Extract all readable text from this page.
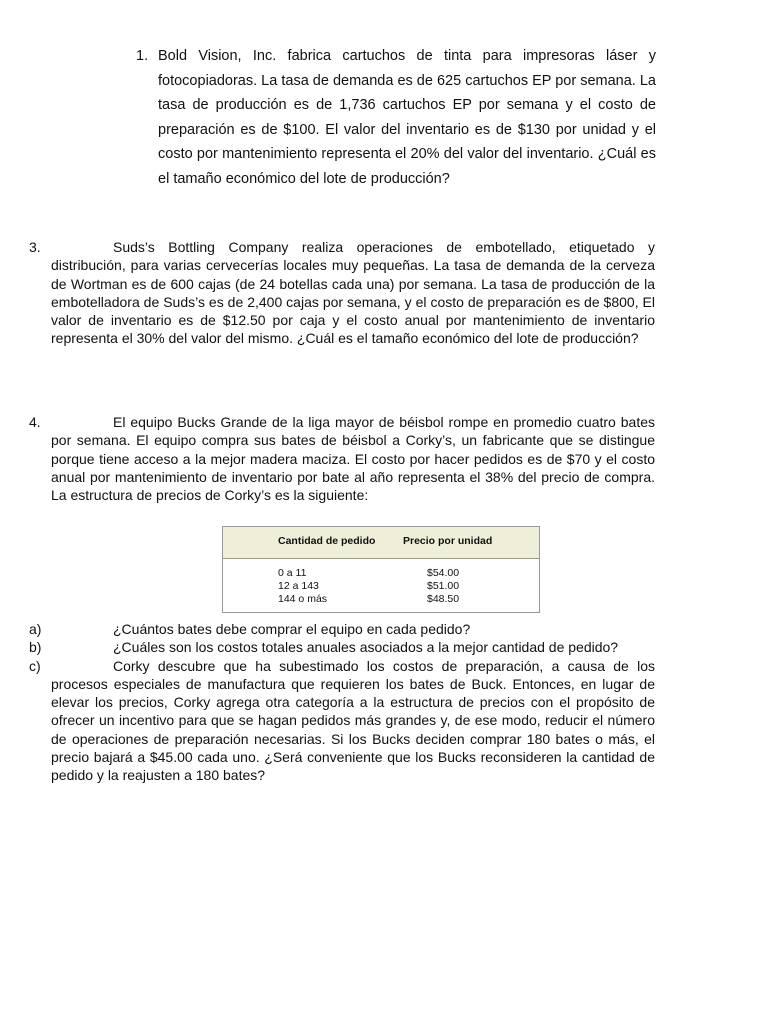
1. Bold Vision, Inc. fabrica cartuchos de tinta para impresoras láser y fotocopiadoras. La tasa de demanda es de 625 cartuchos EP por semana. La tasa de producción es de 1,736 cartuchos EP por semana y el costo de preparación es de $100. El valor del inventario es de $130 por unidad y el costo por mantenimiento representa el 20% del valor del inventario. ¿Cuál es el tamaño económico del lote de producción?
3.	Suds’s Bottling Company realiza operaciones de embotellado, etiquetado y distribución, para varias cervecerías locales muy pequeñas. La tasa de demanda de la cerveza de Wortman es de 600 cajas (de 24 botellas cada una) por semana. La tasa de producción de la embotelladora de Suds’s es de 2,400 cajas por semana, y el costo de preparación es de $800, El valor de inventario es de $12.50 por caja y el costo anual por mantenimiento de inventario representa el 30% del valor del mismo. ¿Cuál es el tamaño económico del lote de producción?
4.	El equipo Bucks Grande de la liga mayor de béisbol rompe en promedio cuatro bates por semana. El equipo compra sus bates de béisbol a Corky’s, un fabricante que se distingue porque tiene acceso a la mejor madera maciza. El costo por hacer pedidos es de $70 y el costo anual por mantenimiento de inventario por bate al año representa el 38% del precio de compra. La estructura de precios de Corky’s es la siguiente:
Cantidad de pedido	Precio por unidad
0 a 11	$54.00
12 a 143	$51.00
144 o más	$48.50
a)	¿Cuántos bates debe comprar el equipo en cada pedido?
b)	¿Cuáles son los costos totales anuales asociados a la mejor cantidad de pedido?
c)	Corky descubre que ha subestimado los costos de preparación, a causa de los procesos especiales de manufactura que requieren los bates de Buck. Entonces, en lugar de elevar los precios, Corky agrega otra categoría a la estructura de precios con el propósito de ofrecer un incentivo para que se hagan pedidos más grandes y, de ese modo, reducir el número de operaciones de preparación necesarias. Si los Bucks deciden comprar 180 bates o más, el precio bajará a $45.00 cada uno. ¿Será conveniente que los Bucks reconsideren la cantidad de pedido y la reajusten a 180 bates?
